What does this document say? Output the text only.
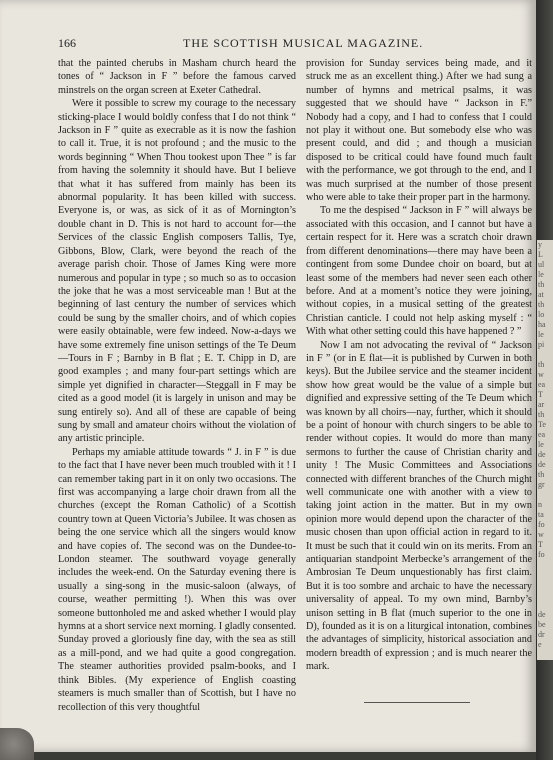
y
L
ul
le
th
at
th
lo
ha
le
pi

th
w
ea
T
ar
th
Te
ea
le
de
de
th
gr

n
ta
fo
w
T
fo

de
be
dr
e
166	THE SCOTTISH MUSICAL MAGAZINE.

that the painted cherubs in Masham church heard the tones of “ Jackson in F ” before the famous carved minstrels on the organ screen at Exeter Cathedral.

Were it possible to screw my courage to the necessary sticking-place I would boldly confess that I do not think “ Jackson in F ” quite as execrable as it is now the fashion to call it. True, it is not profound ; and the music to the words beginning “ When Thou tookest upon Thee ” is far from having the solemnity it should have. But I believe that what it has suffered from mainly has been its abnormal popularity. It has been killed with success. Everyone is, or was, as sick of it as of Mornington’s double chant in D. This is not hard to account for—the Services of the classic English composers Tallis, Tye, Gibbons, Blow, Clark, were beyond the reach of the average parish choir. Those of James King were more numerous and popular in type ; so much so as to occasion the joke that he was a most serviceable man ! But at the beginning of last century the number of services which could be sung by the smaller choirs, and of which copies were easily obtainable, were few indeed. Now-a-days we have some extremely fine unison settings of the Te Deum—Tours in F ; Barnby in B flat ; E. T. Chipp in D, are good examples ; and many four-part settings which are simple yet dignified in character—Steggall in F may be cited as a good model (it is largely in unison and may be sung entirely so). And all of these are capable of being sung by small and amateur choirs without the violation of any artistic principle.

Perhaps my amiable attitude towards “ J. in F ” is due to the fact that I have never been much troubled with it ! I can remember taking part in it on only two occasions. The first was accompanying a large choir drawn from all the churches (except the Roman Catholic) of a Scottish country town at Queen Victoria’s Jubilee. It was chosen as being the one service which all the singers would know and have copies of. The second was on the Dundee-to-London steamer. The southward voyage generally includes the week-end. On the Saturday evening there is usually a sing-song in the music-saloon (always, of course, weather permitting !). When this was over someone buttonholed me and asked whether I would play hymns at a short service next morning. I gladly consented. Sunday proved a gloriously fine day, with the sea as still as a mill-pond, and we had quite a good congregation. The steamer authorities provided psalm-books, and I think Bibles. (My experience of English coasting steamers is much smaller than of Scottish, but I have no recollection of this very thoughtful

provision for Sunday services being made, and it struck me as an excellent thing.) After we had sung a number of hymns and metrical psalms, it was suggested that we should have “ Jackson in F.” Nobody had a copy, and I had to confess that I could not play it without one. But somebody else who was present could, and did ; and though a musician disposed to be critical could have found much fault with the performance, we got through to the end, and I was much surprised at the number of those present who were able to take their proper part in the harmony.

To me the despised “ Jackson in F ” will always be associated with this occasion, and I cannot but have a certain respect for it. Here was a scratch choir drawn from different denominations—there may have been a contingent from some Dundee choir on board, but at least some of the members had never seen each other before. And at a moment’s notice they were joining, without copies, in a musical setting of the greatest Christian canticle. I could not help asking myself : “ With what other setting could this have happened ? ”

Now I am not advocating the revival of “ Jackson in F ” (or in E flat—it is published by Curwen in both keys). But the Jubilee service and the steamer incident show how great would be the value of a simple but dignified and expressive setting of the Te Deum which was known by all choirs—nay, further, which it should be a point of honour with church singers to be able to render without copies. It would do more than many sermons to further the cause of Christian charity and unity ! The Music Committees and Associations connected with different branches of the Church might well communicate one with another with a view to taking joint action in the matter. But in my own opinion more would depend upon the character of the music chosen than upon official action in regard to it. It must be such that it could win on its merits. From an antiquarian standpoint Merbecke’s arrangement of the Ambrosian Te Deum unquestionably has first claim. But it is too sombre and archaic to have the necessary universality of appeal. To my own mind, Barnby’s unison setting in B flat (much superior to the one in D), founded as it is on a liturgical intonation, combines the advantages of simplicity, historical association and modern breadth of expression ; and is much nearer the mark.
